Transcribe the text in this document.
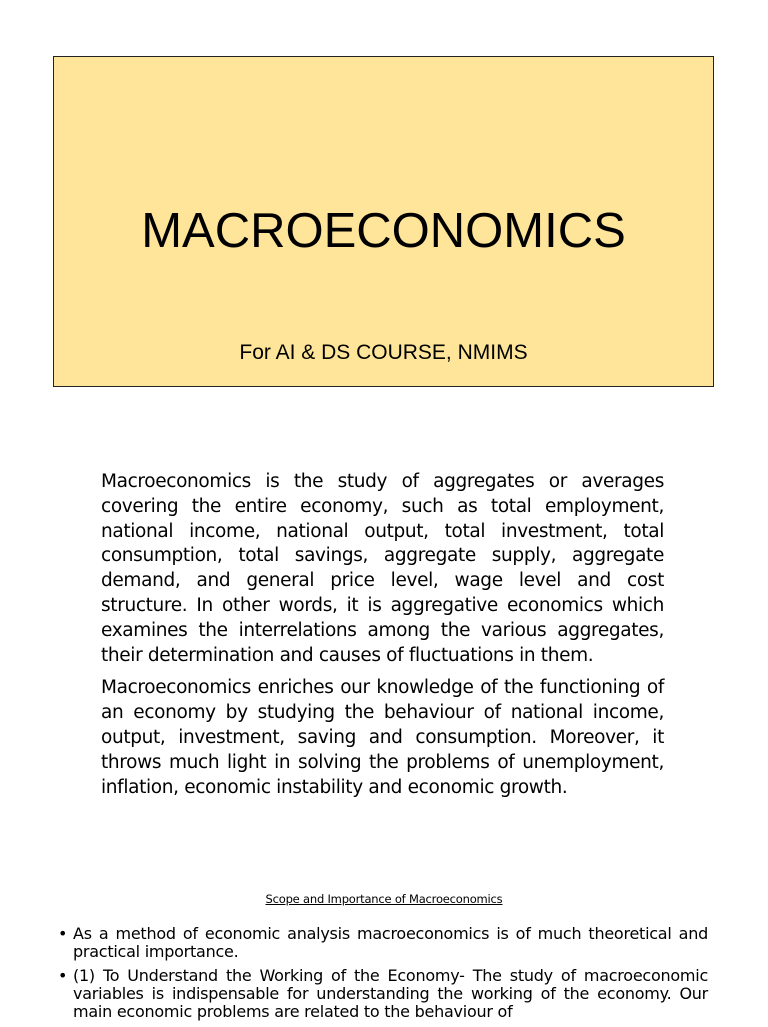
MACROECONOMICS

For AI & DS COURSE, NMIMS

Macroeconomics is the study of aggregates or averages covering the entire economy, such as total employment, national income, national output, total investment, total consumption, total savings, aggregate supply, aggregate demand, and general price level, wage level and cost structure. In other words, it is aggregative economics which examines the interrelations among the various aggregates, their determination and causes of fluctuations in them.

Macroeconomics enriches our knowledge of the functioning of an economy by studying the behaviour of national income, output, investment, saving and consumption. Moreover, it throws much light in solving the problems of unemployment, inflation, economic instability and economic growth.

Scope and Importance of Macroeconomics
• As a method of economic analysis macroeconomics is of much theoretical and practical importance.
• (1) To Understand the Working of the Economy- The study of macroeconomic variables is indispensable for understanding the working of the economy. Our main economic problems are related to the behaviour of
